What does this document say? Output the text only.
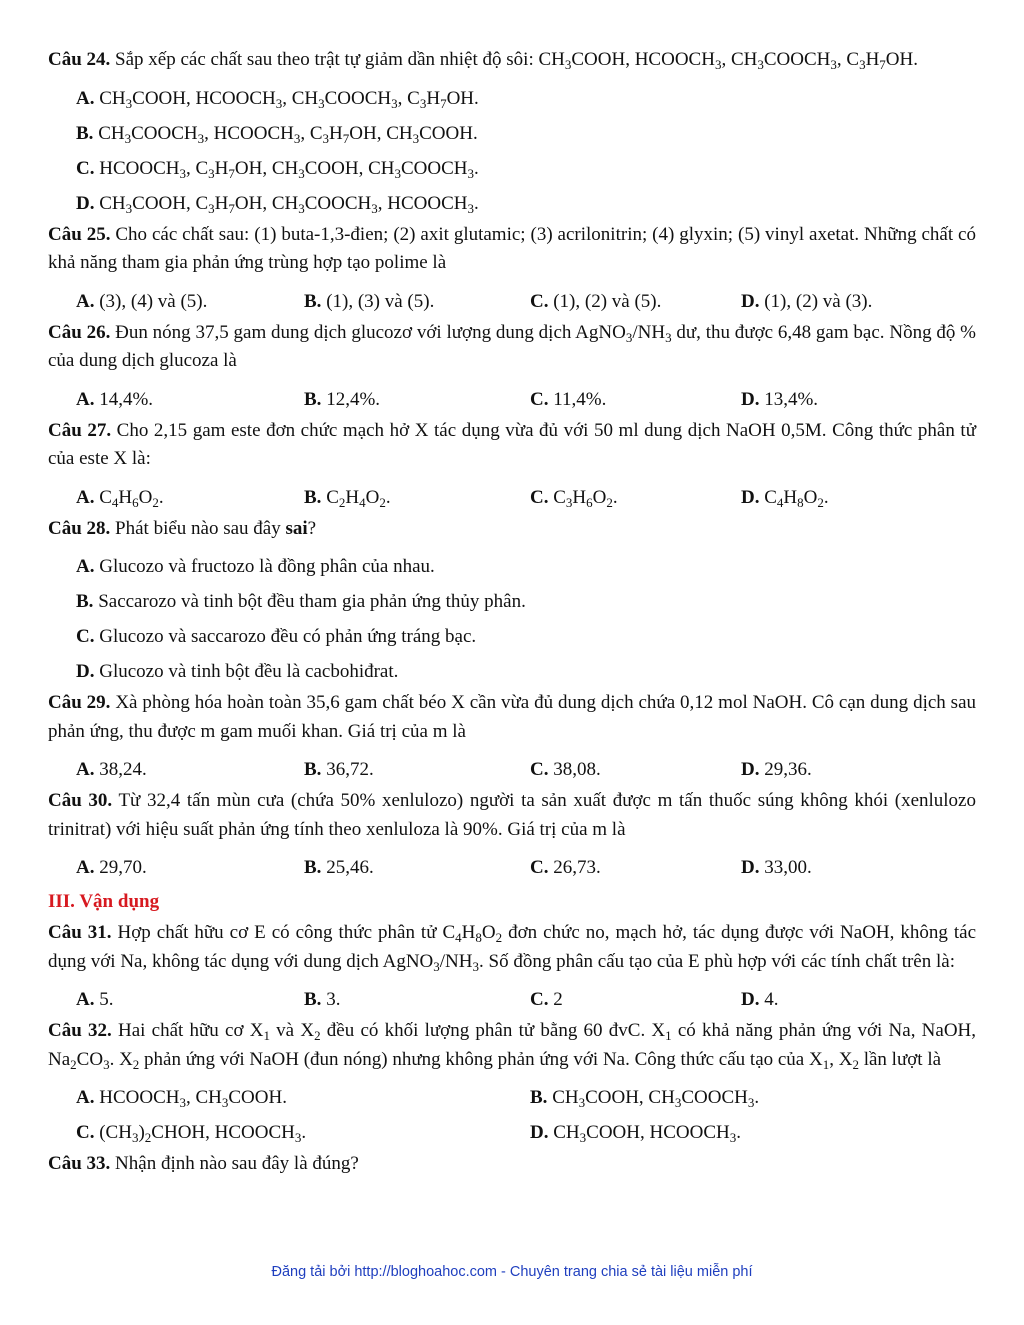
Câu 24. Sắp xếp các chất sau theo trật tự giảm dần nhiệt độ sôi: $CH_3COOH$, $HCOOCH_3$, $CH_3COOCH_3$, $C_3H_7OH$.

A. $CH_3COOH$, $HCOOCH_3$, $CH_3COOCH_3$, $C_3H_7OH$.
B. $CH_3COOCH_3$, $HCOOCH_3$, $C_3H_7OH$, $CH_3COOH$.
C. $HCOOCH_3$, $C_3H_7OH$, $CH_3COOH$, $CH_3COOCH_3$.
D. $CH_3COOH$, $C_3H_7OH$, $CH_3COOCH_3$, $HCOOCH_3$.

Câu 25. Cho các chất sau: (1) buta-1,3-đien; (2) axit glutamic; (3) acrilonitrin; (4) glyxin; (5) vinyl axetat. Những chất có khả năng tham gia phản ứng trùng hợp tạo polime là

A. (3), (4) và (5).	B. (1), (3) và (5).	C. (1), (2) và (5).	D. (1), (2) và (3).

Câu 26. Đun nóng 37,5 gam dung dịch glucozơ với lượng dung dịch $AgNO_3/NH_3$ dư, thu được 6,48 gam bạc. Nồng độ % của dung dịch glucoza là

A. 14,4%.	B. 12,4%.	C. 11,4%.	D. 13,4%.

Câu 27. Cho 2,15 gam este đơn chức mạch hở X tác dụng vừa đủ với 50 ml dung dịch NaOH 0,5M. Công thức phân tử của este X là:

A. $C_4H_6O_2$.	B. $C_2H_4O_2$.	C. $C_3H_6O_2$.	D. $C_4H_8O_2$.

Câu 28. Phát biểu nào sau đây sai?

A. Glucozo và fructozo là đồng phân của nhau.
B. Saccarozo và tinh bột đều tham gia phản ứng thủy phân.
C. Glucozo và saccarozo đều có phản ứng tráng bạc.
D. Glucozo và tinh bột đều là cacbohiđrat.

Câu 29. Xà phòng hóa hoàn toàn 35,6 gam chất béo X cần vừa đủ dung dịch chứa 0,12 mol NaOH. Cô cạn dung dịch sau phản ứng, thu được m gam muối khan. Giá trị của m là

A. 38,24.	B. 36,72.	C. 38,08.	D. 29,36.

Câu 30. Từ 32,4 tấn mùn cưa (chứa 50% xenlulozo) người ta sản xuất được m tấn thuốc súng không khói (xenlulozo trinitrat) với hiệu suất phản ứng tính theo xenluloza là 90%. Giá trị của m là

A. 29,70.	B. 25,46.	C. 26,73.	D. 33,00.
III. Vận dụng

Câu 31. Hợp chất hữu cơ E có công thức phân tử $C_4H_8O_2$ đơn chức no, mạch hở, tác dụng được với NaOH, không tác dụng với Na, không tác dụng với dung dịch $AgNO_3/NH_3$. Số đồng phân cấu tạo của E phù hợp với các tính chất trên là:

A. 5.	B. 3.	C. 2	D. 4.

Câu 32. Hai chất hữu cơ $X_1$ và $X_2$ đều có khối lượng phân tử bằng 60 đvC. $X_1$ có khả năng phản ứng với Na, NaOH, $Na_2CO_3$. $X_2$ phản ứng với NaOH (đun nóng) nhưng không phản ứng với Na. Công thức cấu tạo của $X_1$, $X_2$ lần lượt là

A. $HCOOCH_3$, $CH_3COOH$.	B. $CH_3COOH$, $CH_3COOCH_3$.
C. $(CH_3)_2CHOH$, $HCOOCH_3$.	D. $CH_3COOH$, $HCOOCH_3$.

Câu 33. Nhận định nào sau đây là đúng?

Đăng tải bởi http://bloghoahoc.com - Chuyên trang chia sẻ tài liệu miễn phí
